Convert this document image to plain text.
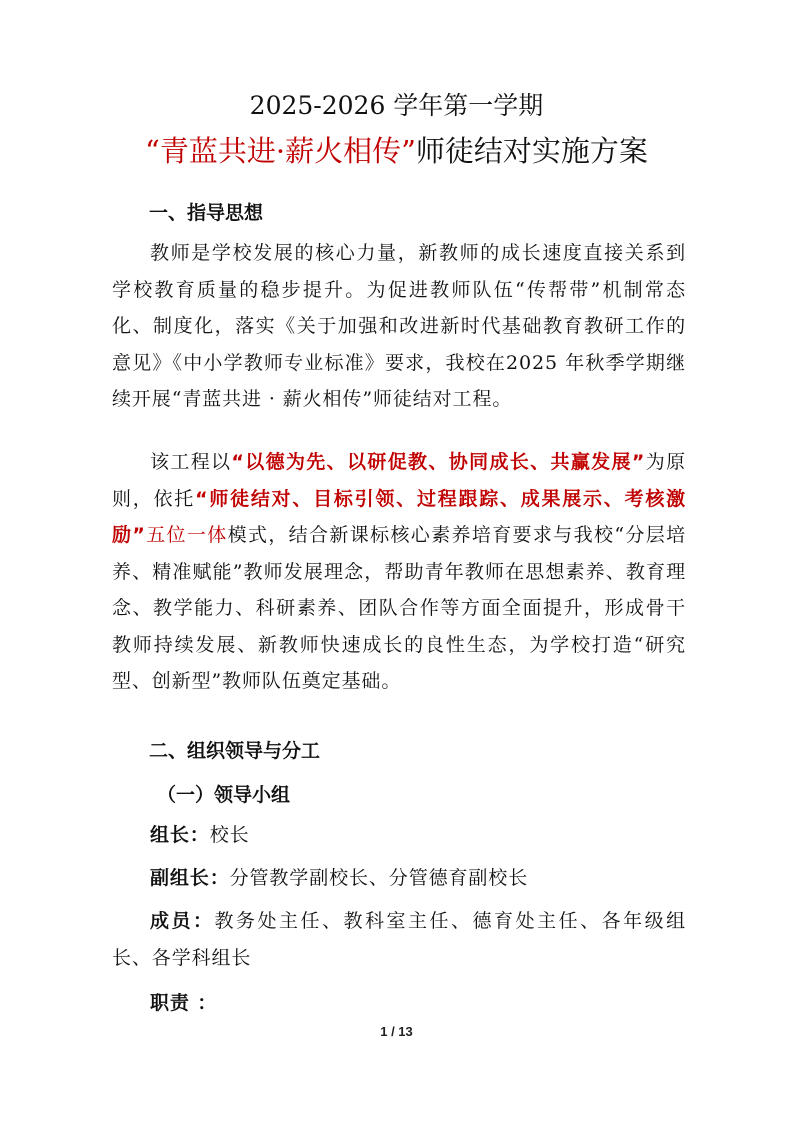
2025-2026 学年第一学期
“青蓝共进·薪火相传”师徒结对实施方案
一、指导思想
教师是学校发展的核心力量，新教师的成长速度直接关系到学校教育质量的稳步提升。为促进教师队伍“传帮带”机制常态化、制度化，落实《关于加强和改进新时代基础教育教研工作的意见》《中小学教师专业标准》要求，我校在2025 年秋季学期继续开展“青蓝共进 · 薪火相传”师徒结对工程。
该工程以“以德为先、以研促教、协同成长、共赢发展”为原则，依托“师徒结对、目标引领、过程跟踪、成果展示、考核激励”五位一体模式，结合新课标核心素养培育要求与我校“分层培养、精准赋能”教师发展理念，帮助青年教师在思想素养、教育理念、教学能力、科研素养、团队合作等方面全面提升，形成骨干教师持续发展、新教师快速成长的良性生态，为学校打造“研究型、创新型”教师队伍奠定基础。
二、组织领导与分工
（一）领导小组
组长：校长
副组长：分管教学副校长、分管德育副校长
成员：教务处主任、教科室主任、德育处主任、各年级组长、各学科组长
职责 ：
1 / 13
